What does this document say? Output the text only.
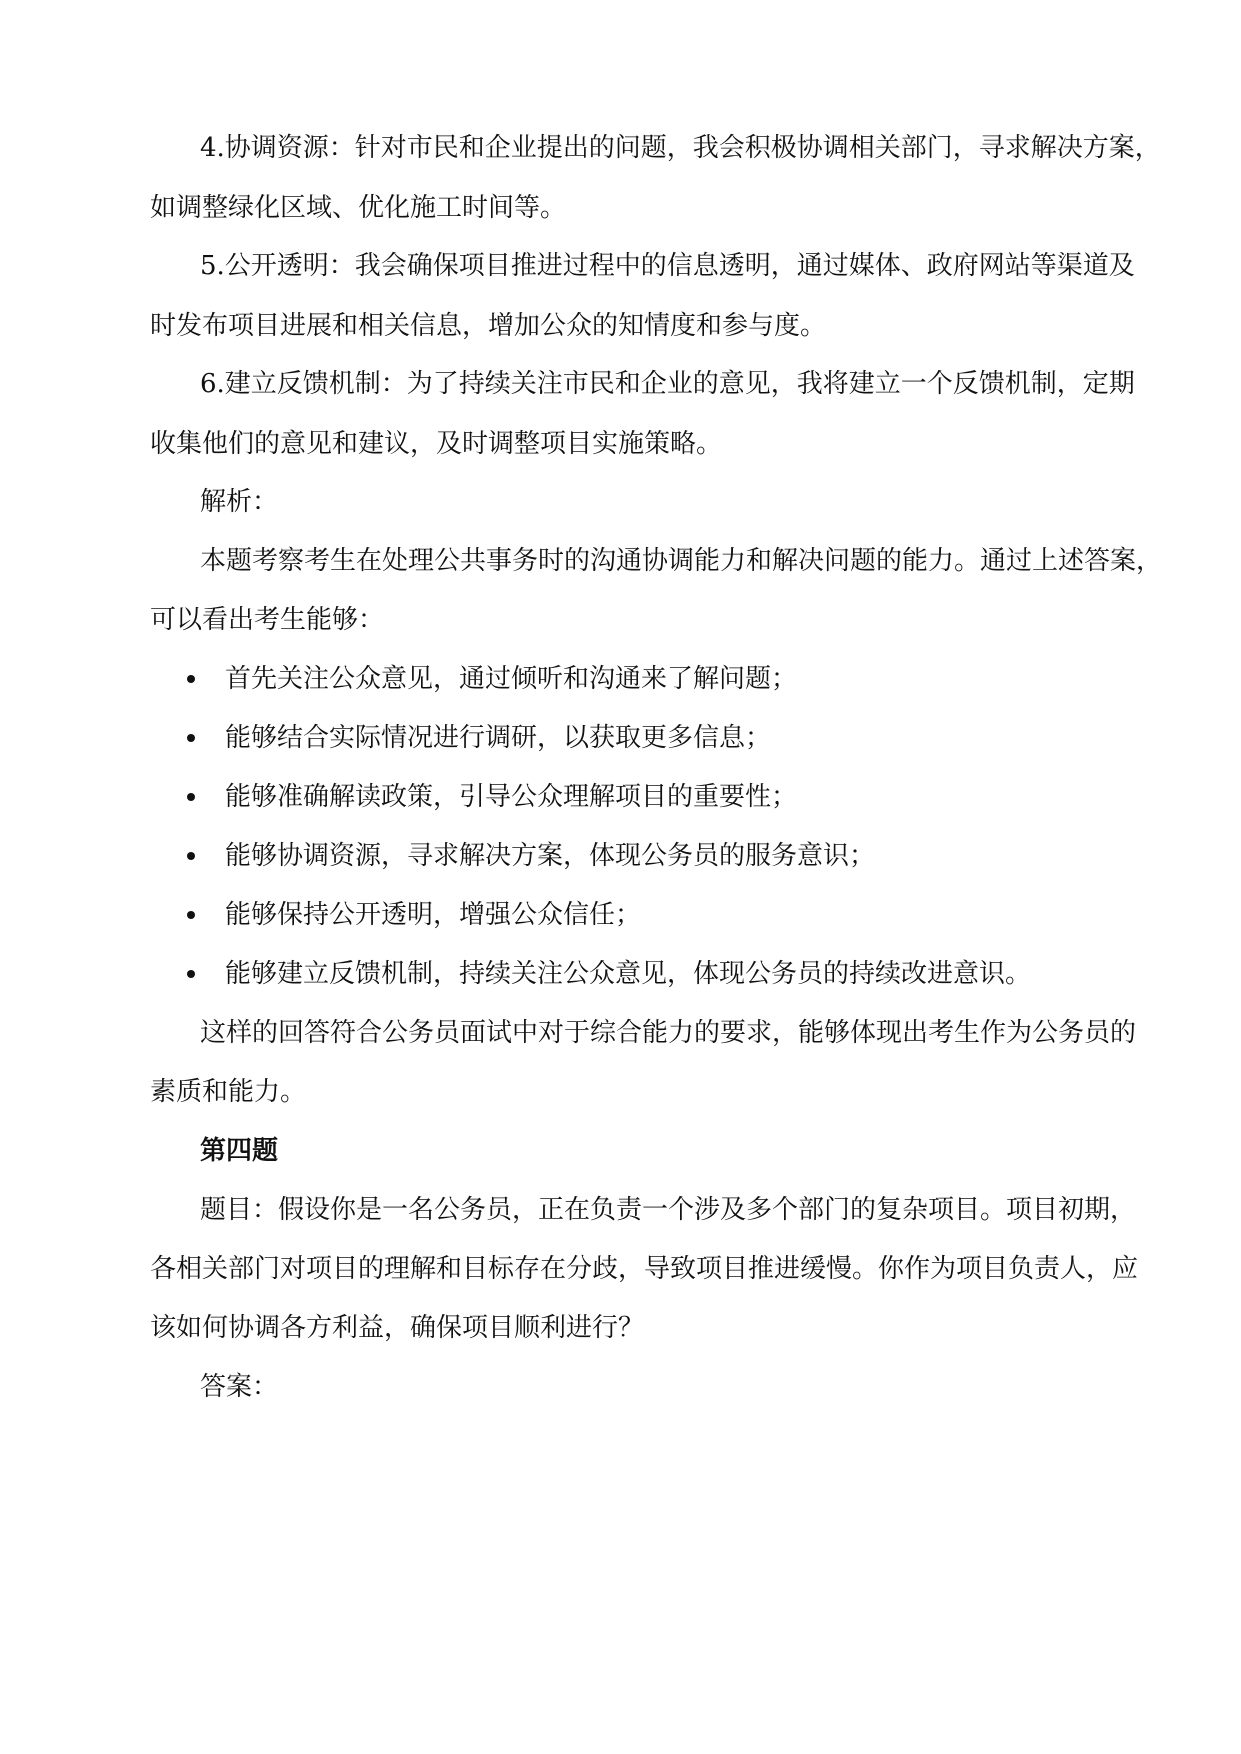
4.协调资源：针对市民和企业提出的问题，我会积极协调相关部门，寻求解决方案，
如调整绿化区域、优化施工时间等。
5.公开透明：我会确保项目推进过程中的信息透明，通过媒体、政府网站等渠道及
时发布项目进展和相关信息，增加公众的知情度和参与度。
6.建立反馈机制：为了持续关注市民和企业的意见，我将建立一个反馈机制，定期
收集他们的意见和建议，及时调整项目实施策略。
解析：
本题考察考生在处理公共事务时的沟通协调能力和解决问题的能力。通过上述答案，
可以看出考生能够：
首先关注公众意见，通过倾听和沟通来了解问题；
能够结合实际情况进行调研，以获取更多信息；
能够准确解读政策，引导公众理解项目的重要性；
能够协调资源，寻求解决方案，体现公务员的服务意识；
能够保持公开透明，增强公众信任；
能够建立反馈机制，持续关注公众意见，体现公务员的持续改进意识。
这样的回答符合公务员面试中对于综合能力的要求，能够体现出考生作为公务员的
素质和能力。
第四题
题目：假设你是一名公务员，正在负责一个涉及多个部门的复杂项目。项目初期，
各相关部门对项目的理解和目标存在分歧，导致项目推进缓慢。你作为项目负责人，应
该如何协调各方利益，确保项目顺利进行？
答案：
